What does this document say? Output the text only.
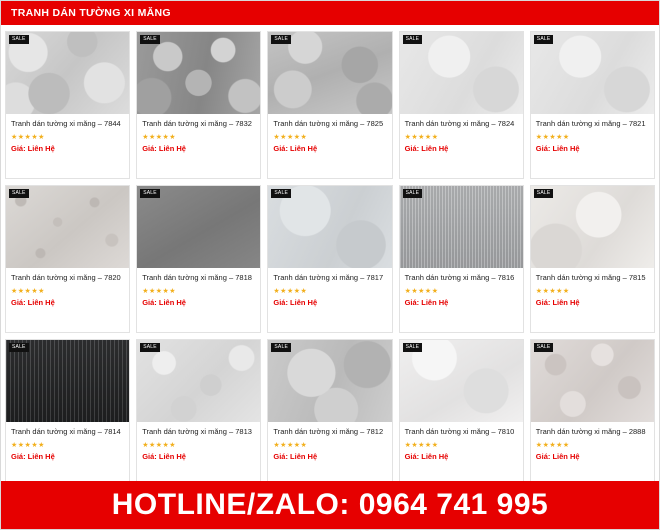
TRANH DÁN TƯỜNG XI MĂNG
SALE
Tranh dán tường xi măng – 7844
★★★★★
Giá: Liên Hệ
SALE
Tranh dán tường xi măng – 7832
★★★★★
Giá: Liên Hệ
SALE
Tranh dán tường xi măng – 7825
★★★★★
Giá: Liên Hệ
SALE
Tranh dán tường xi măng – 7824
★★★★★
Giá: Liên Hệ
SALE
Tranh dán tường xi măng – 7821
★★★★★
Giá: Liên Hệ
SALE
Tranh dán tường xi măng – 7820
★★★★★
Giá: Liên Hệ
SALE
Tranh dán tường xi măng – 7818
★★★★★
Giá: Liên Hệ
SALE
Tranh dán tường xi măng – 7817
★★★★★
Giá: Liên Hệ
SALE
Tranh dán tường xi măng – 7816
★★★★★
Giá: Liên Hệ
SALE
Tranh dán tường xi măng – 7815
★★★★★
Giá: Liên Hệ
SALE
Tranh dán tường xi măng – 7814
★★★★★
Giá: Liên Hệ
SALE
Tranh dán tường xi măng – 7813
★★★★★
Giá: Liên Hệ
SALE
Tranh dán tường xi măng – 7812
★★★★★
Giá: Liên Hệ
SALE
Tranh dán tường xi măng – 7810
★★★★★
Giá: Liên Hệ
SALE
Tranh dán tường xi măng – 2888
★★★★★
Giá: Liên Hệ
HOTLINE/ZALO: 0964 741 995
